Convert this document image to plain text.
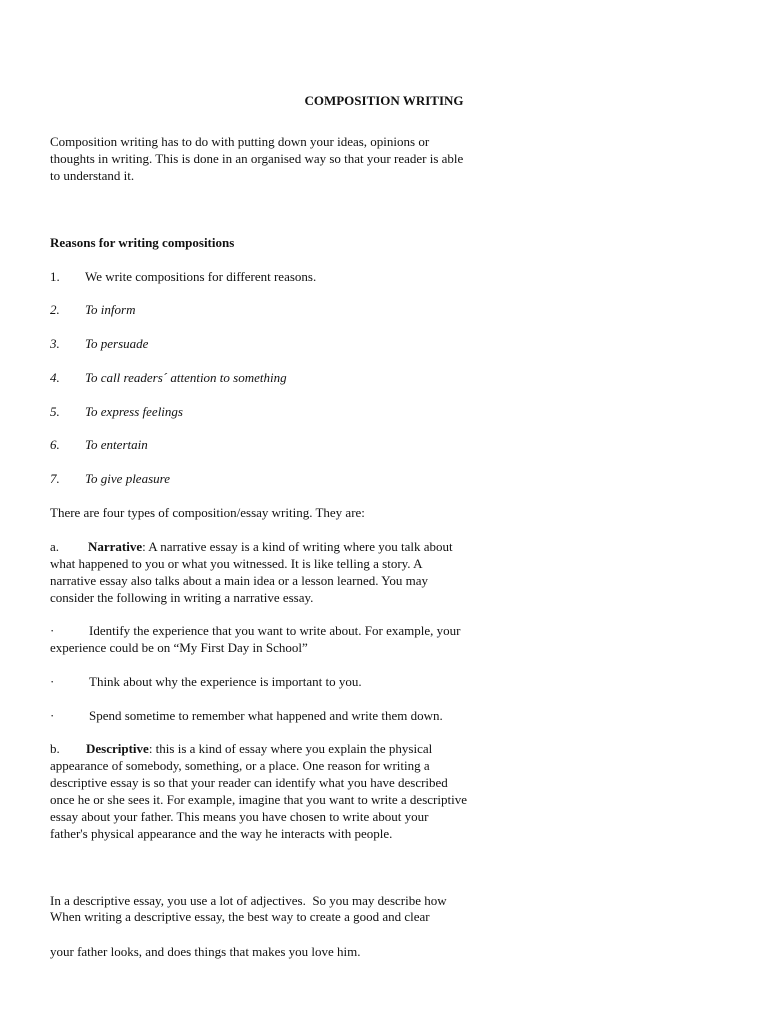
COMPOSITION WRITING
Composition writing has to do with putting down your ideas, opinions or
thoughts in writing. This is done in an organised way so that your reader is able
to understand it.
Reasons for writing compositions
1. We write compositions for different reasons.
2. To inform
3. To persuade
4. To call readers´ attention to something
5. To express feelings
6. To entertain
7. To give pleasure
There are four types of composition/essay writing. They are:
a. Narrative: A narrative essay is a kind of writing where you talk about
what happened to you or what you witnessed. It is like telling a story. A
narrative essay also talks about a main idea or a lesson learned. You may
consider the following in writing a narrative essay.
·	Identify the experience that you want to write about. For example, your
experience could be on “My First Day in School”
·	Think about why the experience is important to you.
·	Spend sometime to remember what happened and write them down.
b. Descriptive: this is a kind of essay where you explain the physical
appearance of somebody, something, or a place. One reason for writing a
descriptive essay is so that your reader can identify what you have described
once he or she sees it. For example, imagine that you want to write a descriptive
essay about your father. This means you have chosen to write about your
father's physical appearance and the way he interacts with people.

In a descriptive essay, you use a lot of adjectives.  So you may describe how

your father looks, and does things that makes you love him.

When writing a descriptive essay, the best way to create a good and clear
